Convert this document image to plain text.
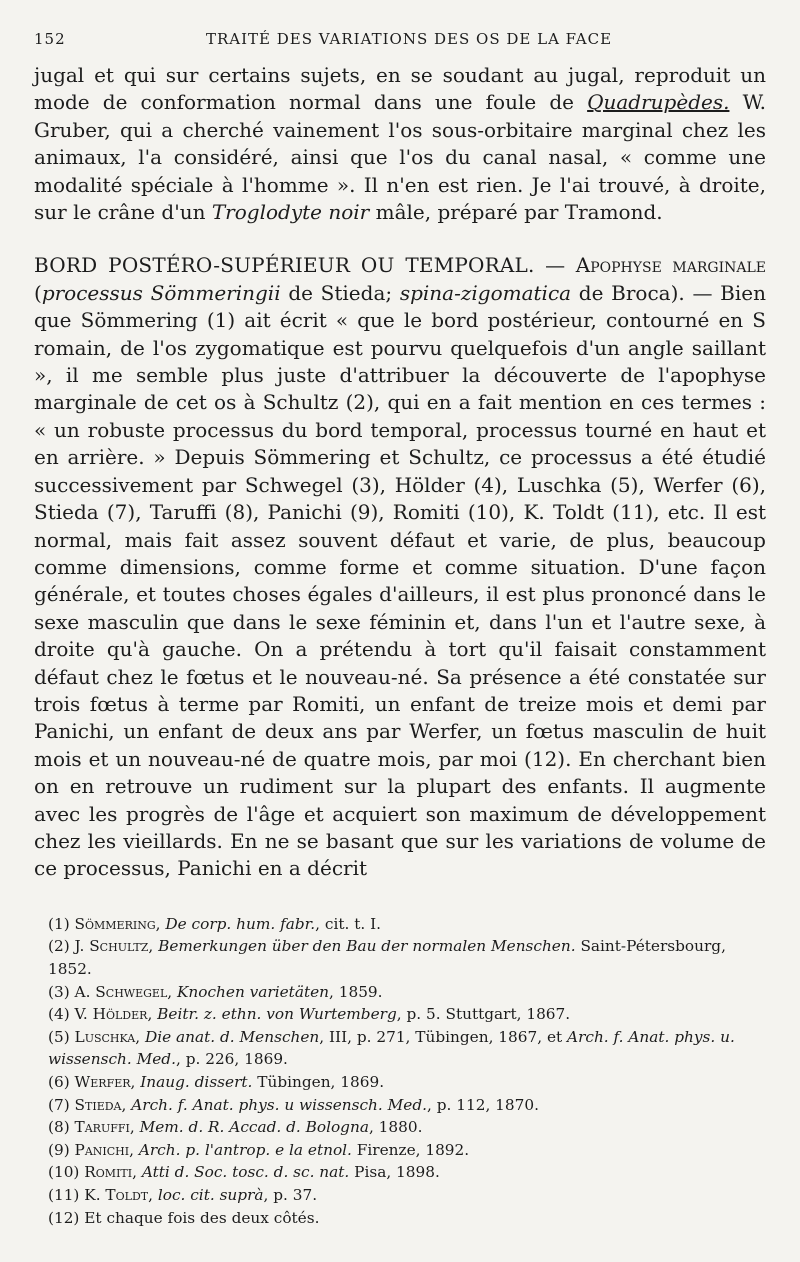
152	TRAITÉ DES VARIATIONS DES OS DE LA FACE

jugal et qui sur certains sujets, en se soudant au jugal, reproduit un mode de conformation normal dans une foule de Quadrupèdes. W. Gruber, qui a cherché vainement l'os sous-orbitaire marginal chez les animaux, l'a considéré, ainsi que l'os du canal nasal, « comme une modalité spéciale à l'homme ». Il n'en est rien. Je l'ai trouvé, à droite, sur le crâne d'un Troglodyte noir mâle, préparé par Tramond.

BORD POSTÉRO-SUPÉRIEUR OU TEMPORAL. — Apophyse marginale (processus Sömmeringii de Stieda; spina-zigomatica de Broca). — Bien que Sömmering (1) ait écrit « que le bord postérieur, contourné en S romain, de l'os zygomatique est pourvu quelquefois d'un angle saillant », il me semble plus juste d'attribuer la découverte de l'apophyse marginale de cet os à Schultz (2), qui en a fait mention en ces termes : « un robuste processus du bord temporal, processus tourné en haut et en arrière. » Depuis Sömmering et Schultz, ce processus a été étudié successivement par Schwegel (3), Hölder (4), Luschka (5), Werfer (6), Stieda (7), Taruffi (8), Panichi (9), Romiti (10), K. Toldt (11), etc. Il est normal, mais fait assez souvent défaut et varie, de plus, beaucoup comme dimensions, comme forme et comme situation. D'une façon générale, et toutes choses égales d'ailleurs, il est plus prononcé dans le sexe masculin que dans le sexe féminin et, dans l'un et l'autre sexe, à droite qu'à gauche. On a prétendu à tort qu'il faisait constamment défaut chez le fœtus et le nouveau-né. Sa présence a été constatée sur trois fœtus à terme par Romiti, un enfant de treize mois et demi par Panichi, un enfant de deux ans par Werfer, un fœtus masculin de huit mois et un nouveau-né de quatre mois, par moi (12). En cherchant bien on en retrouve un rudiment sur la plupart des enfants. Il augmente avec les progrès de l'âge et acquiert son maximum de développement chez les vieillards. En ne se basant que sur les variations de volume de ce processus, Panichi en a décrit

(1) Sömmering, De corp. hum. fabr., cit. t. I.

(2) J. Schultz, Bemerkungen über den Bau der normalen Menschen. Saint-Pétersbourg, 1852.

(3) A. Schwegel, Knochen varietäten, 1859.

(4) V. Hölder, Beitr. z. ethn. von Wurtemberg, p. 5. Stuttgart, 1867.

(5) Luschka, Die anat. d. Menschen, III, p. 271, Tübingen, 1867, et Arch. f. Anat. phys. u. wissensch. Med., p. 226, 1869.

(6) Werfer, Inaug. dissert. Tübingen, 1869.

(7) Stieda, Arch. f. Anat. phys. u wissensch. Med., p. 112, 1870.

(8) Taruffi, Mem. d. R. Accad. d. Bologna, 1880.

(9) Panichi, Arch. p. l'antrop. e la etnol. Firenze, 1892.

(10) Romiti, Atti d. Soc. tosc. d. sc. nat. Pisa, 1898.

(11) K. Toldt, loc. cit. suprà, p. 37.

(12) Et chaque fois des deux côtés.
